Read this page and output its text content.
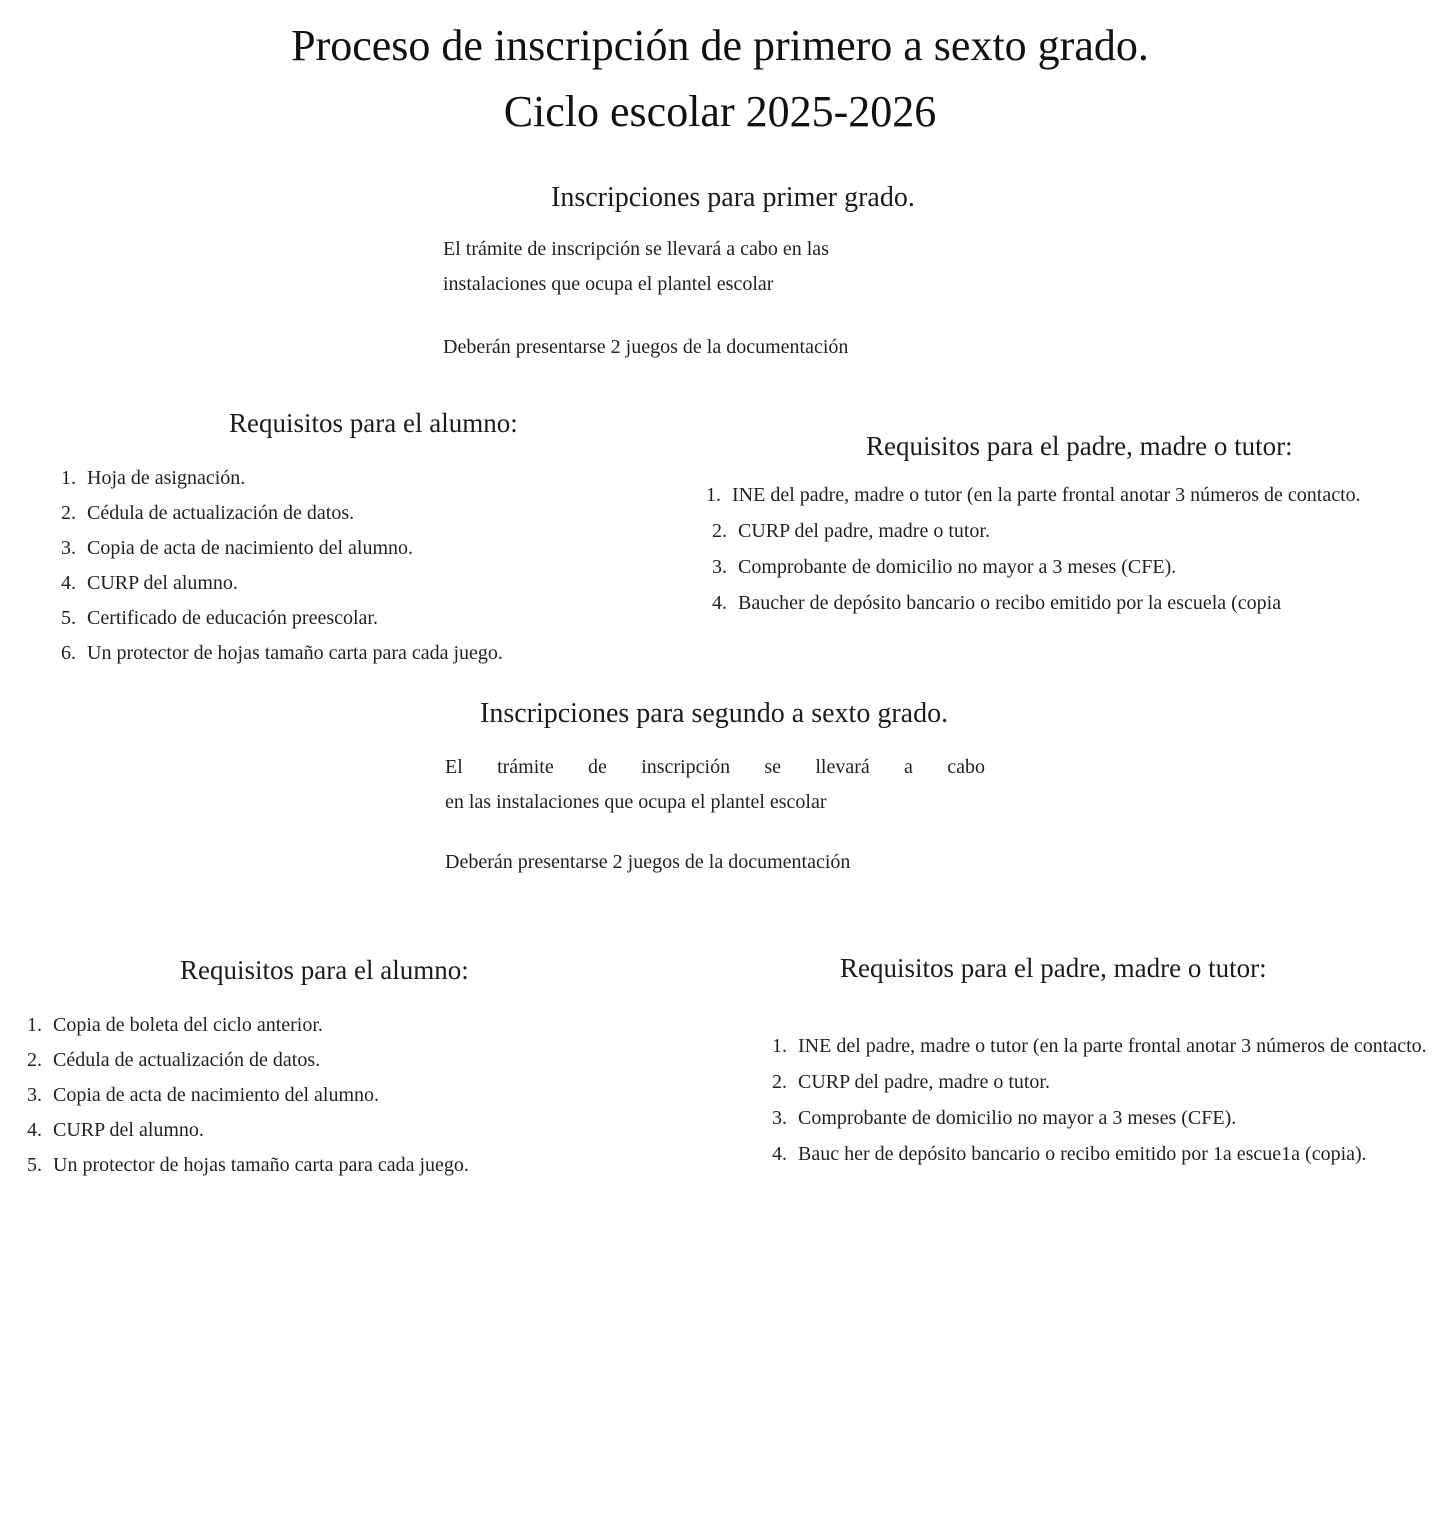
Proceso de inscripción de primero a sexto grado.
Ciclo escolar 2025-2026
Inscripciones para primer grado.
El trámite de inscripción se llevará a cabo en las
instalaciones que ocupa el plantel escolar
Deberán presentarse 2 juegos de la documentación
Requisitos para el alumno:
1. Hoja de asignación.
2. Cédula de actualización de datos.
3. Copia de acta de nacimiento del alumno.
4. CURP del alumno.
5. Certificado de educación preescolar.
6. Un protector de hojas tamaño carta para cada juego.
Requisitos para el padre, madre o tutor:
1. INE del padre, madre o tutor (en la parte frontal anotar 3 números de contacto.
2. CURP del padre, madre o tutor.
3. Comprobante de domicilio no mayor a 3 meses (CFE).
4. Baucher de depósito bancario o recibo emitido por la escuela (copia
Inscripciones para segundo a sexto grado.
El trámite de inscripción se llevará a cabo
en las instalaciones que ocupa el plantel escolar
Deberán presentarse 2 juegos de la documentación
Requisitos para el alumno:
1. Copia de boleta del ciclo anterior.
2. Cédula de actualización de datos.
3. Copia de acta de nacimiento del alumno.
4. CURP del alumno.
5. Un protector de hojas tamaño carta para cada juego.
Requisitos para el padre, madre o tutor:
1. INE del padre, madre o tutor (en la parte frontal anotar 3 números de contacto.
2. CURP del padre, madre o tutor.
3. Comprobante de domicilio no mayor a 3 meses (CFE).
4. Bauc her de depósito bancario o recibo emitido por 1a escue1a (copia).
